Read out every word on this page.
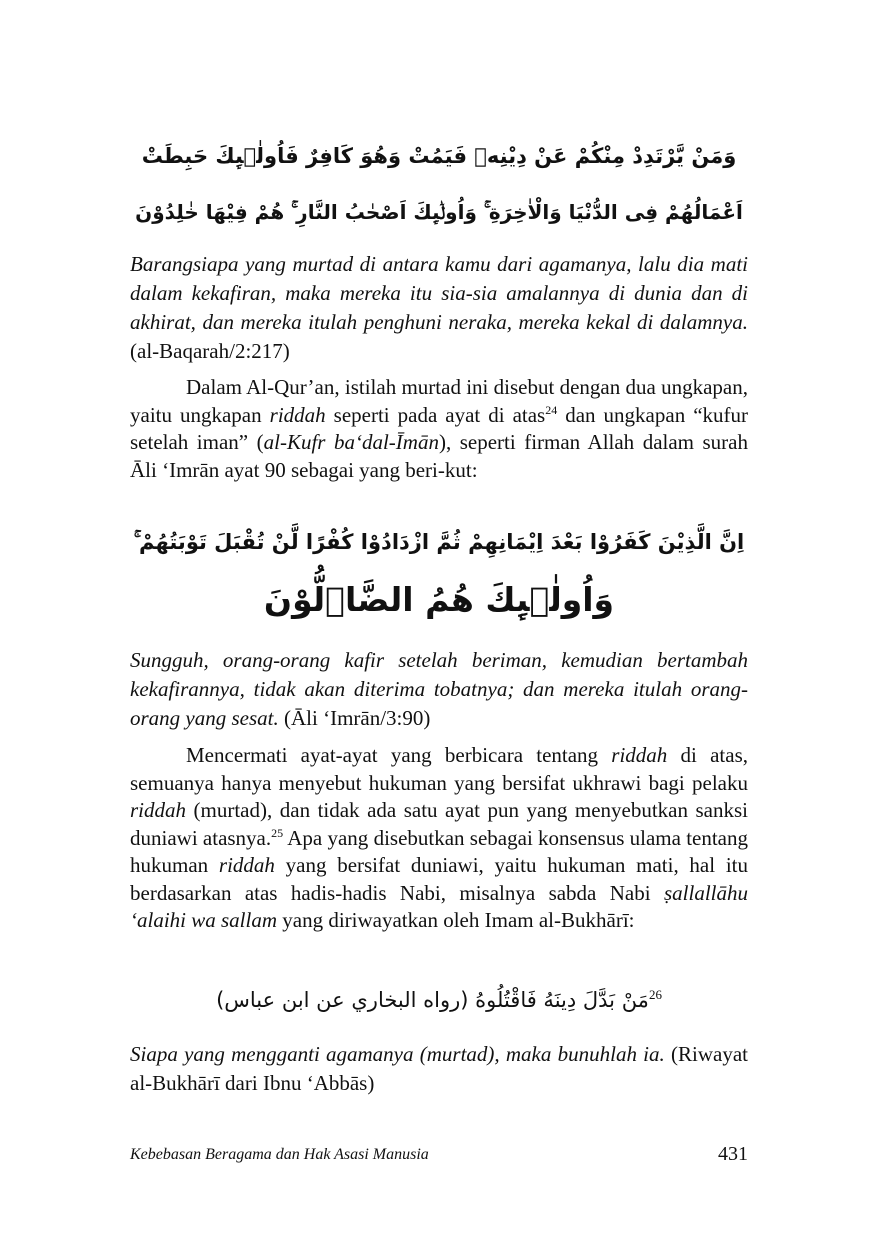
وَمَنْ يَّرْتَدِدْ مِنْكُمْ عَنْ دِيْنِهٖ فَيَمُتْ وَهُوَ كَافِرٌ فَاُولٰۤىِٕكَ حَبِطَتْ
اَعْمَالُهُمْ فِى الدُّنْيَا وَالْاٰخِرَةِ ۚ وَاُولٰۤىِٕكَ اَصْحٰبُ النَّارِ ۚ هُمْ فِيْهَا خٰلِدُوْنَ

Barangsiapa yang murtad di antara kamu dari agamanya, lalu dia mati dalam kekafiran, maka mereka itu sia-sia amalannya di dunia dan di akhirat, dan mereka itulah penghuni neraka, mereka kekal di dalamnya. (al-Baqarah/2:217)

Dalam Al-Qur’an, istilah murtad ini disebut dengan dua ungkapan, yaitu ungkapan riddah seperti pada ayat di atas$^{24}$ dan ungkapan “kufur setelah iman” (al-Kufr ba‘dal-Īmān), seperti firman Allah dalam surah Āli ‘Imrān ayat 90 sebagai yang beri-kut:

اِنَّ الَّذِيْنَ كَفَرُوْا بَعْدَ اِيْمَانِهِمْ ثُمَّ ازْدَادُوْا كُفْرًا لَّنْ تُقْبَلَ تَوْبَتُهُمْ ۚ
وَاُولٰۤىِٕكَ هُمُ الضَّاۤلُّوْنَ

Sungguh, orang-orang kafir setelah beriman, kemudian bertambah kekafirannya, tidak akan diterima tobatnya; dan mereka itulah orang-orang yang sesat. (Āli ‘Imrān/3:90)

Mencermati ayat-ayat yang berbicara tentang riddah di atas, semuanya hanya menyebut hukuman yang bersifat ukhrawi bagi pelaku riddah (murtad), dan tidak ada satu ayat pun yang menyebutkan sanksi duniawi atasnya.$^{25}$ Apa yang disebutkan sebagai konsensus ulama tentang hukuman riddah yang bersifat duniawi, yaitu hukuman mati, hal itu berdasarkan atas hadis-hadis Nabi, misalnya sabda Nabi ṣallallāhu ‘alaihi wa sallam yang diriwayatkan oleh Imam al-Bukhārī:

$^{26}$مَنْ بَدَّلَ دِينَهُ فَاقْتُلُوهُ (رواه البخاري عن ابن عباس)

Siapa yang mengganti agamanya (murtad), maka bunuhlah ia. (Riwayat al-Bukhārī dari Ibnu ‘Abbās)

Kebebasan Beragama dan Hak Asasi Manusia	431
